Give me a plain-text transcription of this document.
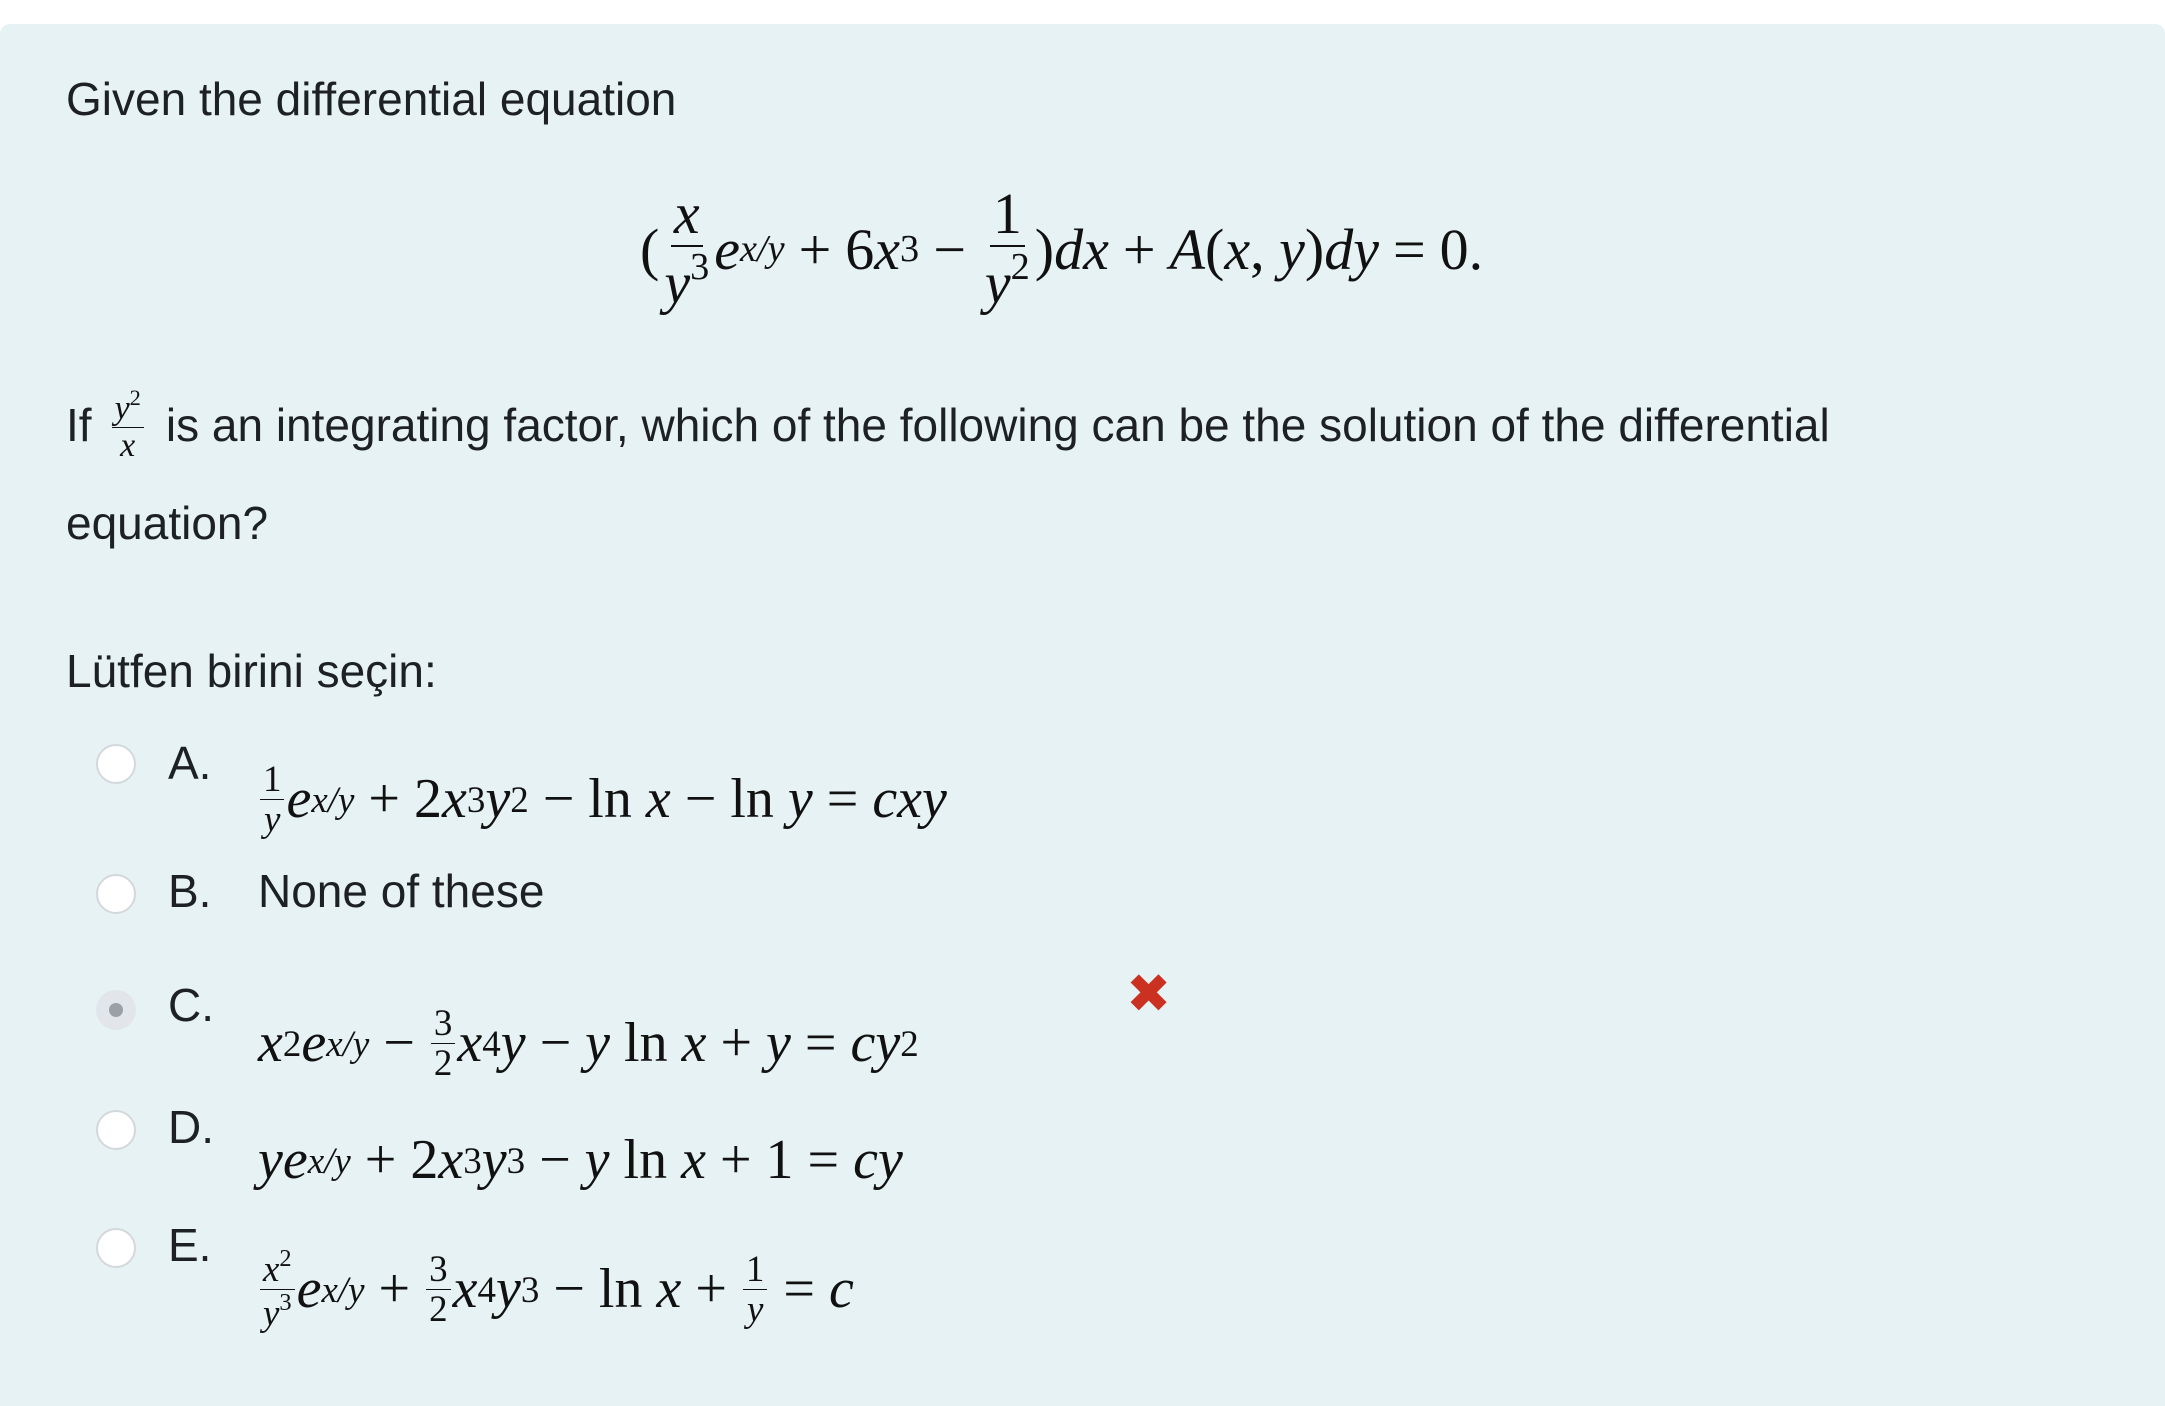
Given the differential equation
( $\frac{x}{y^3}$ e x/y + 6 x $3 - \frac{1}{y^2}$ ) dx + A ( x , y ) dy = 0.
If $\frac{y^2}{x}$ is an integrating factor, which of the following can be the solution of the differential
equation?
Lütfen birini seçin:
A. $\frac{1}{y}$ e x/y + 2 x 3 y 2 − ln x − ln y = cxy
B. None of these
C.
x 2 e $x/y - \frac{3}{2}$ x 4 y − y ln x + y = cy 2
✖
D.
ye x/y + 2 x 3 y 3 − y ln x + 1 = cy
E.
$\frac{x^2}{y^3}$ e $x/y + \frac{3}{2}$ x 4 y $3 - \ln x + \frac{1}{y} = c$
